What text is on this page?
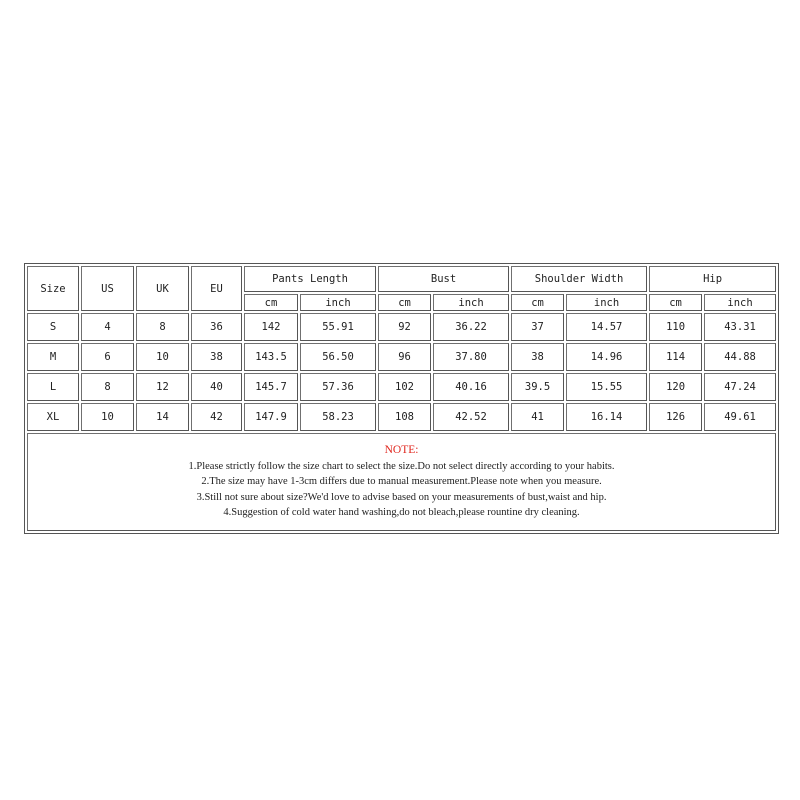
Size	US	UK	EU	Pants Length		Bust		Shoulder Width		Hip	
				cm	inch	cm	inch	cm	inch	cm	inch
S	4	8	36	142	55.91	92	36.22	37	14.57	110	43.31
M	6	10	38	143.5	56.50	96	37.80	38	14.96	114	44.88
L	8	12	40	145.7	57.36	102	40.16	39.5	15.55	120	47.24
XL	10	14	42	147.9	58.23	108	42.52	41	16.14	126	49.61

NOTE:
1.Please strictly follow the size chart to select the size.Do not select directly according to your habits.
2.The size may have 1-3cm differs due to manual measurement.Please note when you measure.
3.Still not sure about size?We'd love to advise based on your measurements of bust,waist and hip.
4.Suggestion of cold water hand washing,do not bleach,please rountine dry cleaning.											
